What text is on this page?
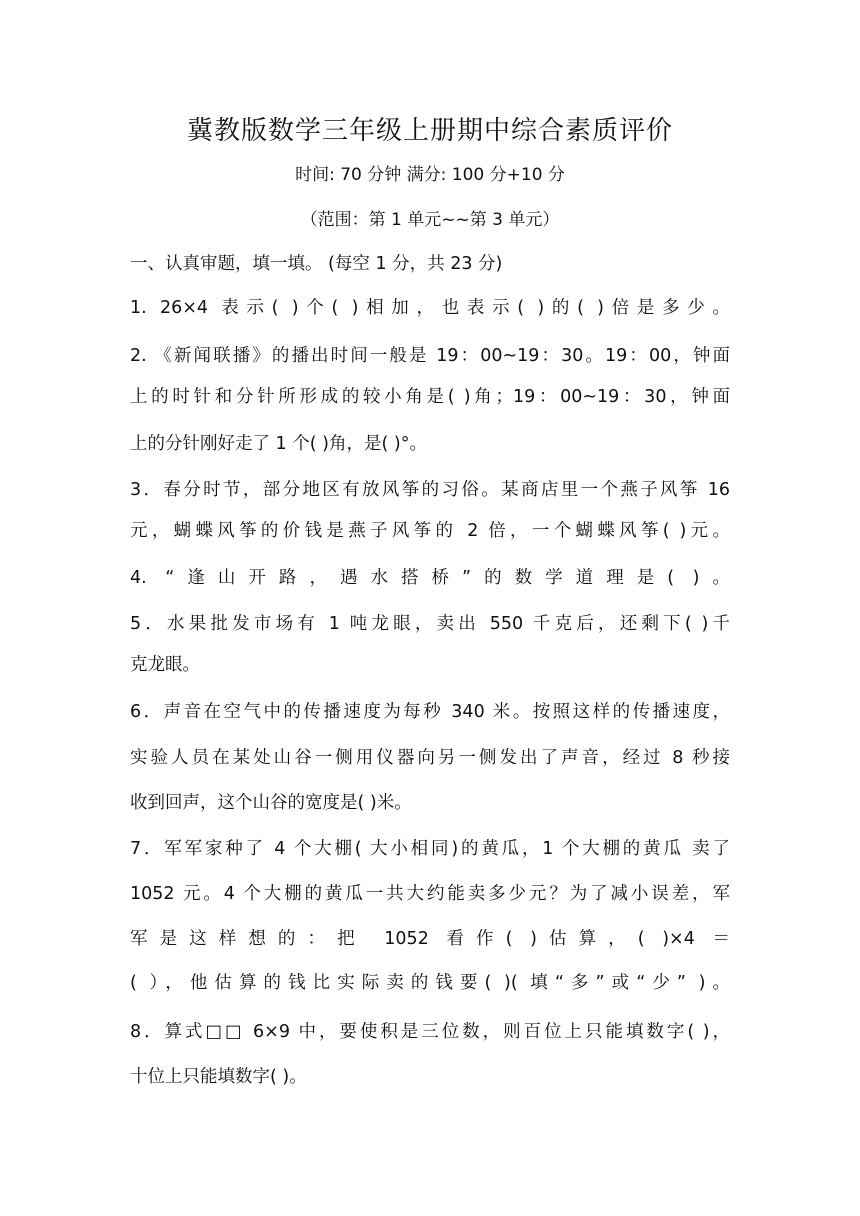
冀教版数学三年级上册期中综合素质评价
时间: 70 分钟 满分: 100 分+10 分
（范围：第 1 单元~~第 3 单元）
一、认真审题，填一填。 (每空 1 分，共 23 分)
1. 26×4 表示( )个( )相加，也表示( )的( )倍是多少。
2. 《新闻联播》的播出时间一般是 19：00~19：30。19：00，钟面
上的时针和分针所形成的较小角是( )角；19：00~19：30，钟面
上的分针刚好走了 1 个( )角，是( )°。
3．春分时节，部分地区有放风筝的习俗。某商店里一个燕子风筝 16
元，蝴蝶风筝的价钱是燕子风筝的 2 倍，一个蝴蝶风筝( )元。
4. “逢山开路，遇水搭桥”的数学道理是( )。
5．水果批发市场有 1 吨龙眼，卖出 550 千克后，还剩下( )千
克龙眼。
6．声音在空气中的传播速度为每秒 340 米。按照这样的传播速度，
实验人员在某处山谷一侧用仪器向另一侧发出了声音，经过 8 秒接
收到回声，这个山谷的宽度是( )米。
7．军军家种了 4 个大棚( 大小相同)的黄瓜，1 个大棚的黄瓜 卖了
1052 元。4 个大棚的黄瓜一共大约能卖多少元？为了减小误差，军
军是这样想的：把 1052 看作( )估算，( )×4 ＝
( ），他估算的钱比实际卖的钱要( )( 填“多”或“少” )。
8．算式□□ 6×9 中，要使积是三位数，则百位上只能填数字( )，
十位上只能填数字( )。
